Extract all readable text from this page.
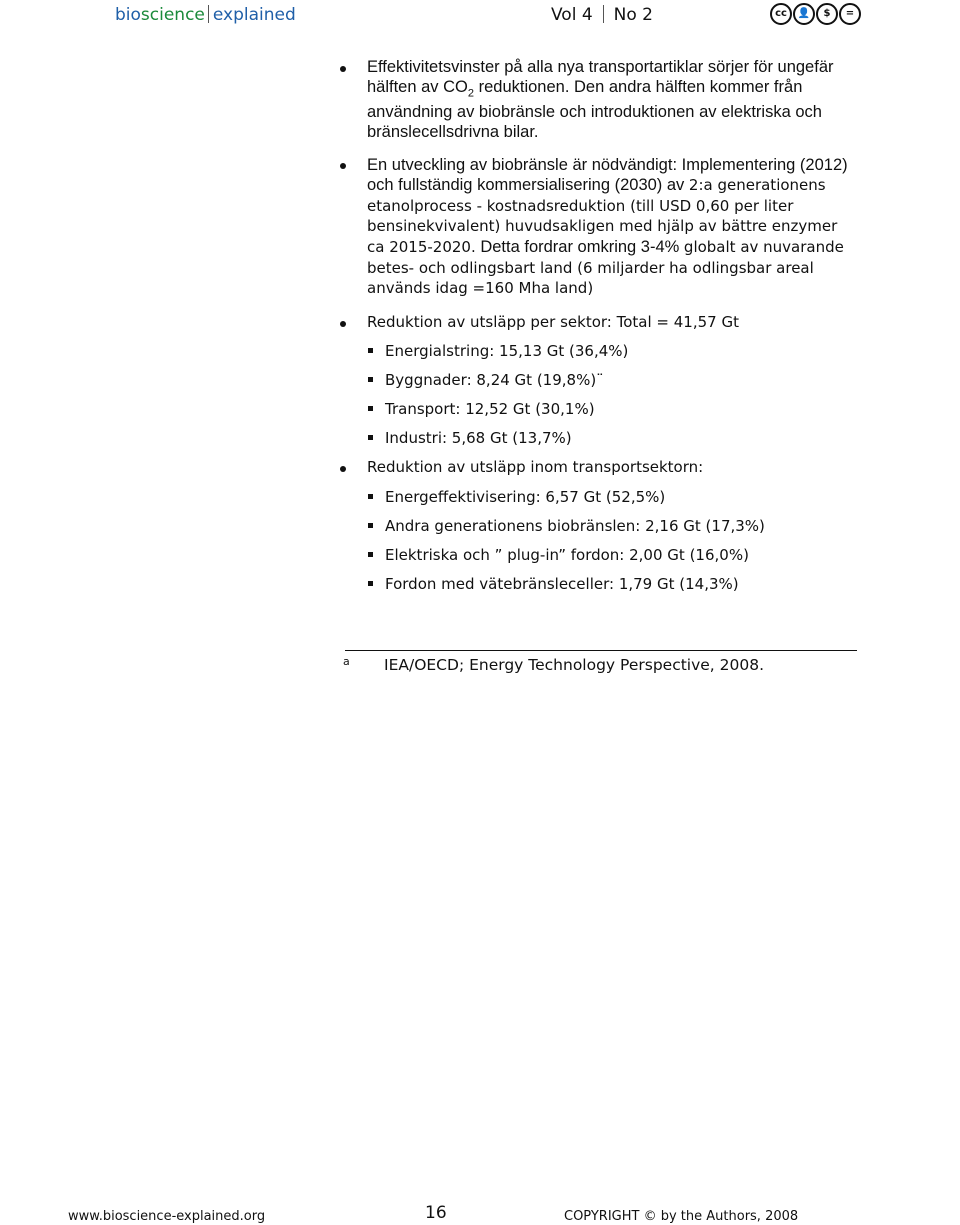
bioscience explained	Vol 4 No 2	cc	👤	$	=
Effektivitetsvinster på alla nya transportartiklar sörjer för ungefär hälften av $CO_2$ reduktionen. Den andra hälften kommer från användning av biobränsle och introduktionen av elektriska och bränslecellsdrivna bilar.
En utveckling av biobränsle är nödvändigt: Implementering (2012) och fullständig kommersialisering (2030) av 2:a generationens etanolprocess - kostnadsreduktion (till USD 0,60 per liter bensinekvivalent) huvudsakligen med hjälp av bättre enzymer ca 2015-2020. Detta fordrar omkring 3-4% globalt av nuvarande betes- och odlingsbart land (6 miljarder ha odlingsbar areal används idag =160 Mha land)
Reduktion av utsläpp per sektor: Total = 41,57 Gt
Energialstring: 15,13 Gt (36,4%)
Byggnader: 8,24 Gt (19,8%)¨
Transport: 12,52 Gt (30,1%)
Industri: 5,68 Gt (13,7%)
Reduktion av utsläpp inom transportsektorn:
Energeffektivisering: 6,57 Gt (52,5%)
Andra generationens biobränslen: 2,16 Gt (17,3%)
Elektriska och ” plug-in” fordon: 2,00 Gt (16,0%)
Fordon med vätebränsleceller: 1,79 Gt (14,3%)
a IEA/OECD; Energy Technology Perspective, 2008.
www.bioscience-explained.org	16	COPYRIGHT © by the Authors, 2008
